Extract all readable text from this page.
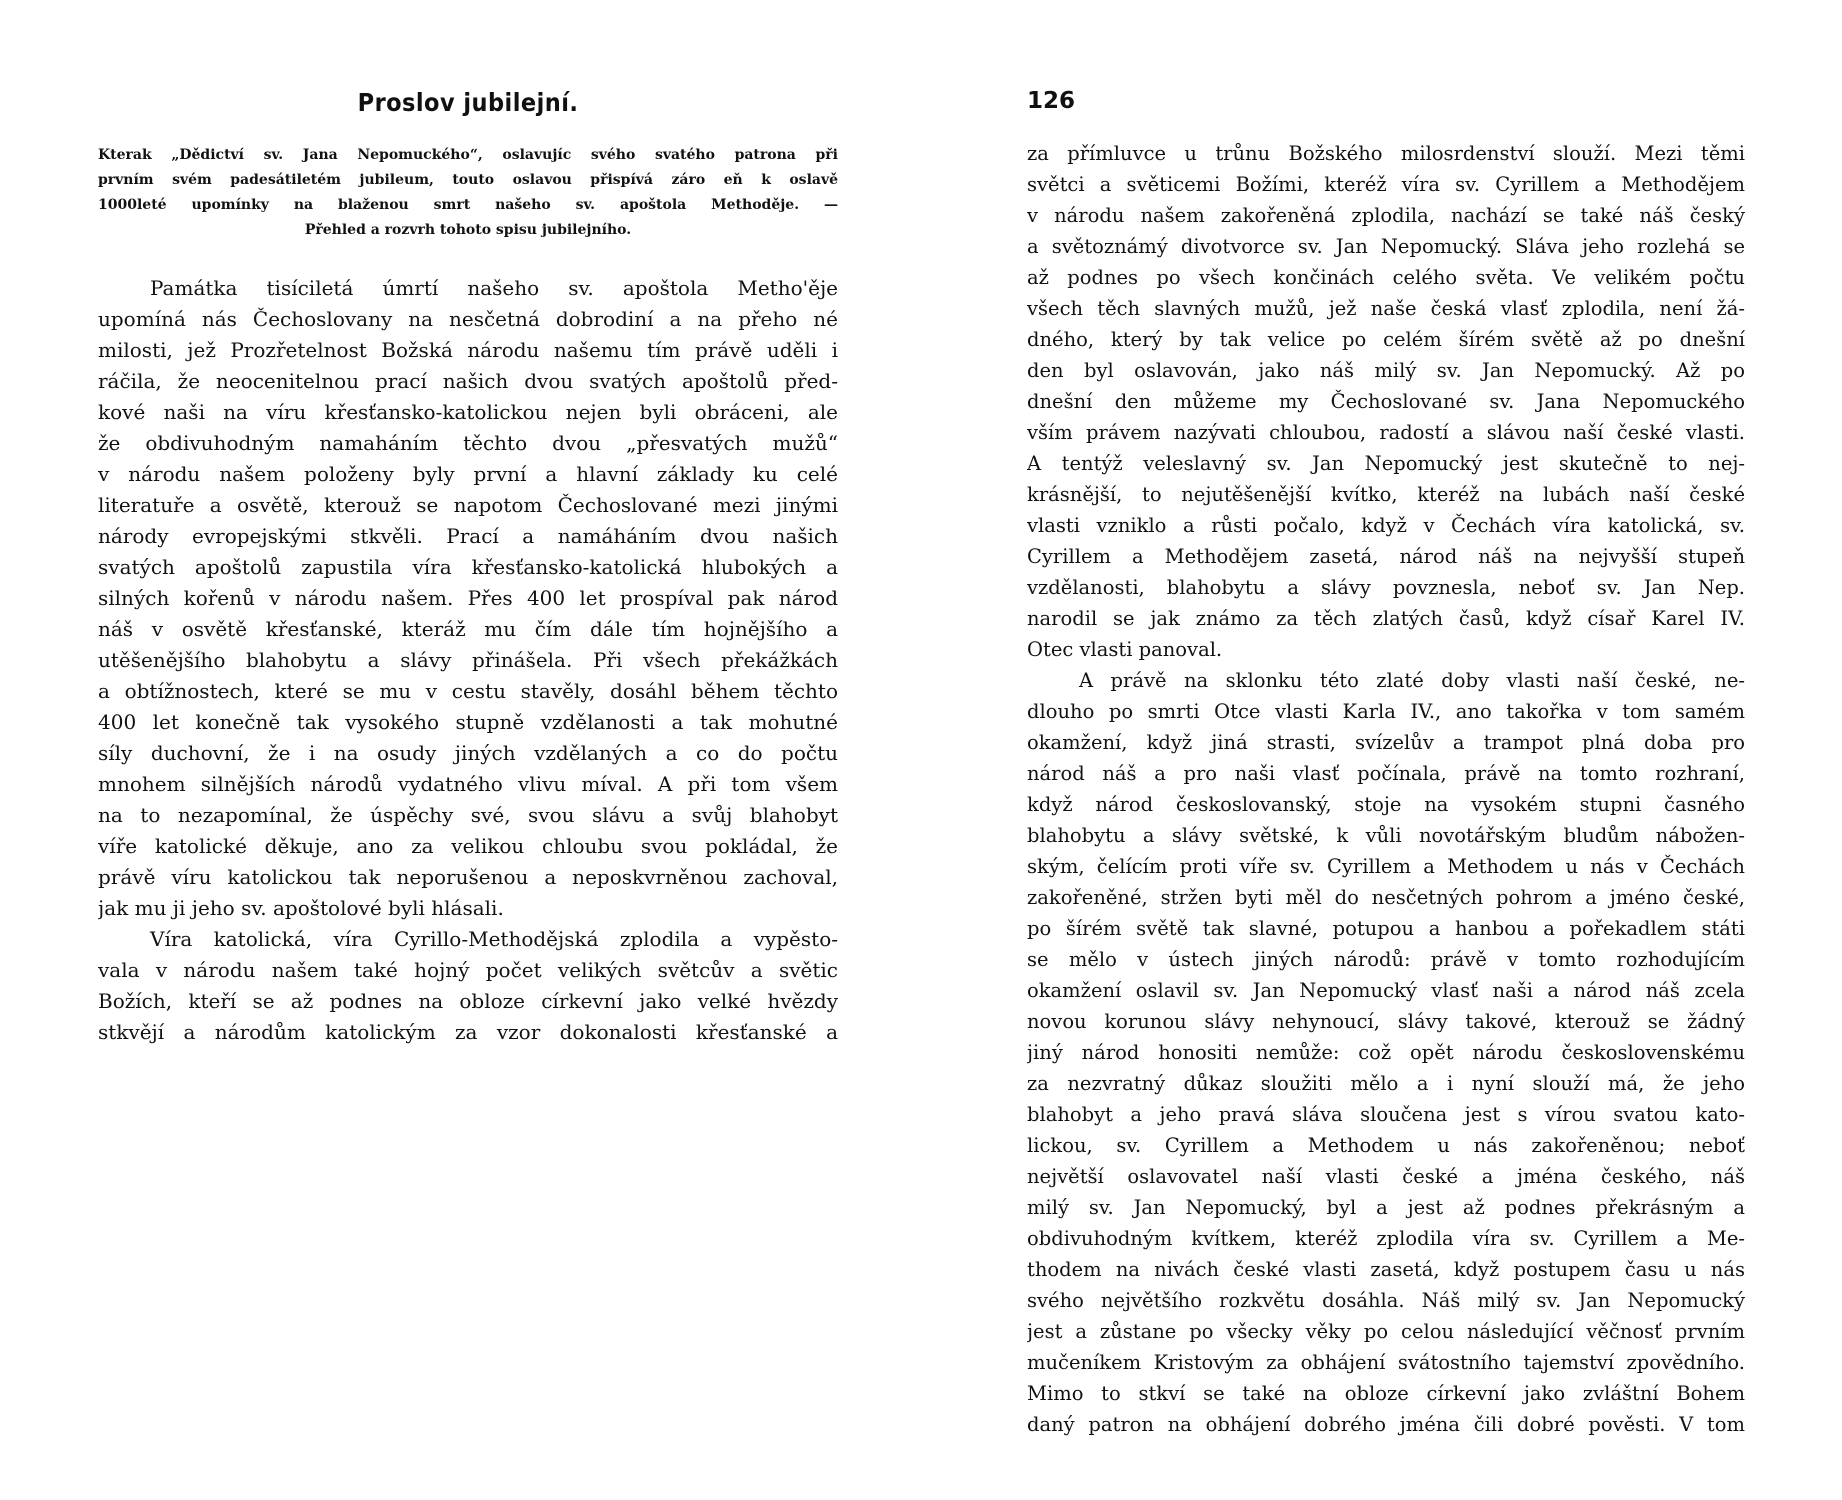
Proslov jubilejní.
Kterak „Dědictví sv. Jana Nepomuckého“, oslavujíc svého svatého patrona při
prvním svém padesátiletém jubileum, touto oslavou přispívá záro eň k oslavě
1000leté upomínky na blaženou smrt našeho sv. apoštola Methoděje. —
Přehled a rozvrh tohoto spisu jubilejního.
Památka tisíciletá úmrtí našeho sv. apoštola Metho'ěje
upomíná nás Čechoslovany na nesčetná dobrodiní a na přeho né
milosti, jež Prozřetelnost Božská národu našemu tím právě uděli i
ráčila, že neocenitelnou prací našich dvou svatých apoštolů před-
kové naši na víru křesťansko-katolickou nejen byli obráceni, ale
že obdivuhodným namaháním těchto dvou „přesvatých mužů“
v národu našem položeny byly první a hlavní základy ku celé
literatuře a osvětě, kterouž se napotom Čechoslované mezi jinými
národy evropejskými stkvěli. Prací a namáháním dvou našich
svatých apoštolů zapustila víra křesťansko-katolická hlubokých a
silných kořenů v národu našem. Přes 400 let prospíval pak národ
náš v osvětě křesťanské, kteráž mu čím dále tím hojnějšího a
utěšenějšího blahobytu a slávy přinášela. Při všech překážkách
a obtížnostech, které se mu v cestu stavěly, dosáhl během těchto
400 let konečně tak vysokého stupně vzdělanosti a tak mohutné
síly duchovní, že i na osudy jiných vzdělaných a co do počtu
mnohem silnějších národů vydatného vlivu míval. A při tom všem
na to nezapomínal, že úspěchy své, svou slávu a svůj blahobyt
víře katolické děkuje, ano za velikou chloubu svou pokládal, že
právě víru katolickou tak neporušenou a neposkvrněnou zachoval,
jak mu ji jeho sv. apoštolové byli hlásali.
Víra katolická, víra Cyrillo-Methodějská zplodila a vypěsto-
vala v národu našem také hojný počet velikých světcův a světic
Božích, kteří se až podnes na obloze církevní jako velké hvězdy
stkvějí a národům katolickým za vzor dokonalosti křesťanské a
126
za přímluvce u trůnu Božského milosrdenství slouží. Mezi těmi
světci a světicemi Božími, kteréž víra sv. Cyrillem a Methodějem
v národu našem zakořeněná zplodila, nachází se také náš český
a světoznámý divotvorce sv. Jan Nepomucký. Sláva jeho rozlehá se
až podnes po všech končinách celého světa. Ve velikém počtu
všech těch slavných mužů, jež naše česká vlasť zplodila, není žá-
dného, který by tak velice po celém šírém světě až po dnešní
den byl oslavován, jako náš milý sv. Jan Nepomucký. Až po
dnešní den můžeme my Čechoslované sv. Jana Nepomuckého
vším právem nazývati chloubou, radostí a slávou naší české vlasti.
A tentýž veleslavný sv. Jan Nepomucký jest skutečně to nej-
krásnější, to nejutěšenější kvítko, kteréž na lubách naší české
vlasti vzniklo a růsti počalo, když v Čechách víra katolická, sv.
Cyrillem a Methodějem zasetá, národ náš na nejvyšší stupeň
vzdělanosti, blahobytu a slávy povznesla, neboť sv. Jan Nep.
narodil se jak známo za těch zlatých časů, když císař Karel IV.
Otec vlasti panoval.
A právě na sklonku této zlaté doby vlasti naší české, ne-
dlouho po smrti Otce vlasti Karla IV., ano takořka v tom samém
okamžení, když jiná strasti, svízelův a trampot plná doba pro
národ náš a pro naši vlasť počínala, právě na tomto rozhraní,
když národ českoslovanský, stoje na vysokém stupni časného
blahobytu a slávy světské, k vůli novotářským bludům nábožen-
ským, čelícím proti víře sv. Cyrillem a Methodem u nás v Čechách
zakořeněné, stržen byti měl do nesčetných pohrom a jméno české,
po šírém světě tak slavné, potupou a hanbou a pořekadlem státi
se mělo v ústech jiných národů: právě v tomto rozhodujícím
okamžení oslavil sv. Jan Nepomucký vlasť naši a národ náš zcela
novou korunou slávy nehynoucí, slávy takové, kterouž se žádný
jiný národ honositi nemůže: což opět národu československému
za nezvratný důkaz sloužiti mělo a i nyní slouží má, že jeho
blahobyt a jeho pravá sláva sloučena jest s vírou svatou kato-
lickou, sv. Cyrillem a Methodem u nás zakořeněnou; neboť
největší oslavovatel naší vlasti české a jména českého, náš
milý sv. Jan Nepomucký, byl a jest až podnes překrásným a
obdivuhodným kvítkem, kteréž zplodila víra sv. Cyrillem a Me-
thodem na nivách české vlasti zasetá, když postupem času u nás
svého největšího rozkvětu dosáhla. Náš milý sv. Jan Nepomucký
jest a zůstane po všecky věky po celou následující věčnosť prvním
mučeníkem Kristovým za obhájení svátostního tajemství zpovědního.
Mimo to stkví se také na obloze církevní jako zvláštní Bohem
daný patron na obhájení dobrého jména čili dobré pověsti. V tom
